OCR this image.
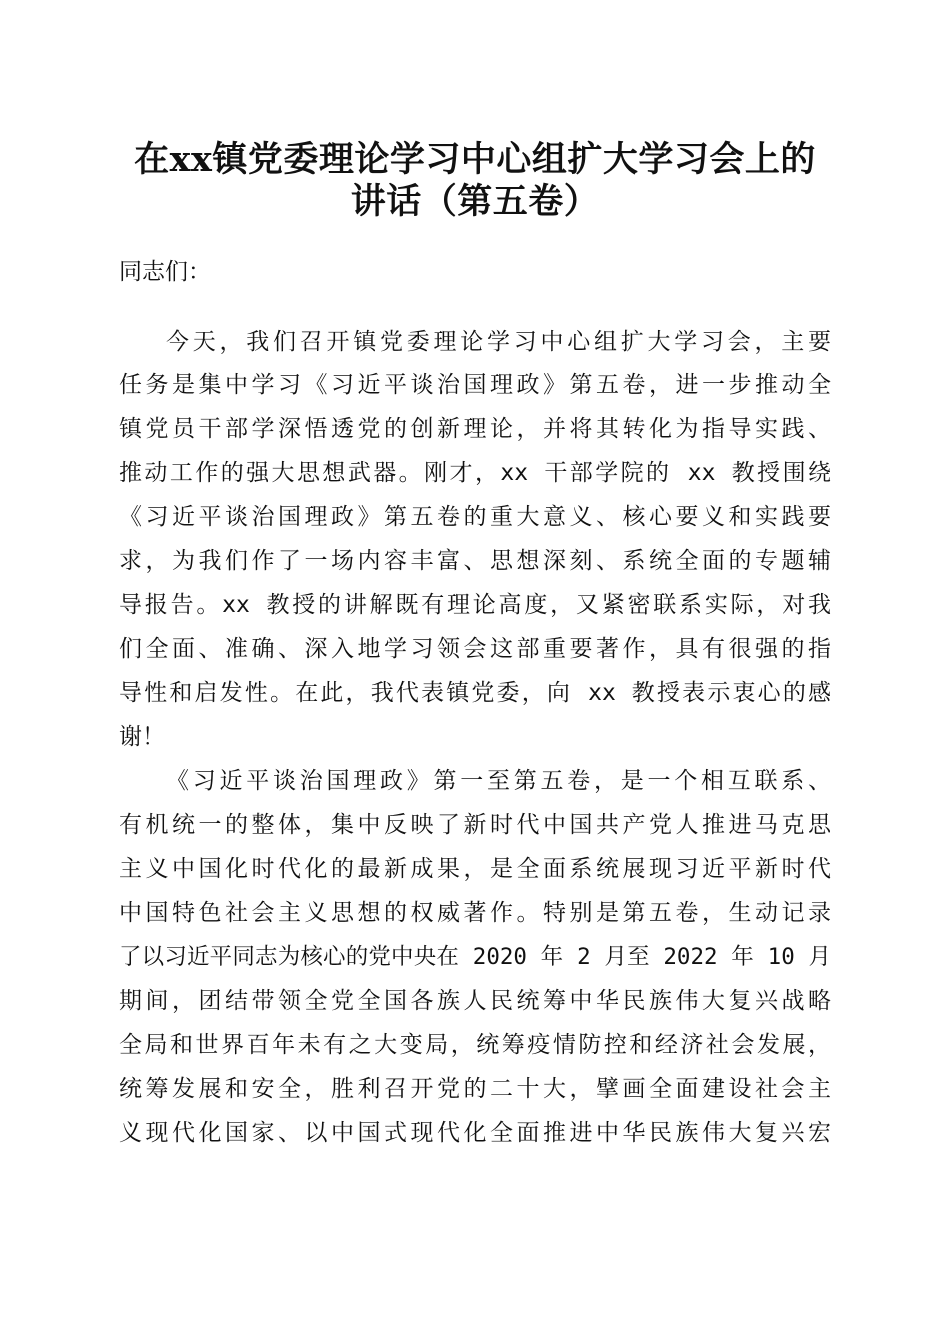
在xx镇党委理论学习中心组扩大学习会上的
讲话（第五卷）

同志们：

今天，我们召开镇党委理论学习中心组扩大学习会，主要

任务是集中学习《习近平谈治国理政》第五卷，进一步推动全

镇党员干部学深悟透党的创新理论，并将其转化为指导实践、

推动工作的强大思想武器。刚才，xx 干部学院的 xx 教授围绕

《习近平谈治国理政》第五卷的重大意义、核心要义和实践要

求，为我们作了一场内容丰富、思想深刻、系统全面的专题辅

导报告。xx 教授的讲解既有理论高度，又紧密联系实际，对我

们全面、准确、深入地学习领会这部重要著作，具有很强的指

导性和启发性。在此，我代表镇党委，向 xx 教授表示衷心的感

谢！

《习近平谈治国理政》第一至第五卷，是一个相互联系、

有机统一的整体，集中反映了新时代中国共产党人推进马克思

主义中国化时代化的最新成果，是全面系统展现习近平新时代

中国特色社会主义思想的权威著作。特别是第五卷，生动记录

了以习近平同志为核心的党中央在 2020 年 2 月至 2022 年 10 月

期间，团结带领全党全国各族人民统筹中华民族伟大复兴战略

全局和世界百年未有之大变局，统筹疫情防控和经济社会发展，

统筹发展和安全，胜利召开党的二十大，擘画全面建设社会主

义现代化国家、以中国式现代化全面推进中华民族伟大复兴宏
